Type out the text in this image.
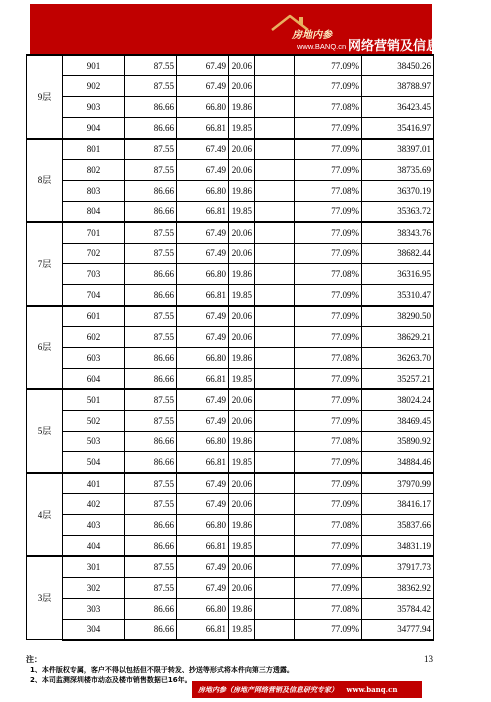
房地内参
www.BANQ.cn 网络营销及信息研究专家
9层	901	87.55	67.49	20.06		77.09%	38450.26	
	902	87.55	67.49	20.06		77.09%	38788.97	
	903	86.66	66.80	19.86		77.08%	36423.45	
	904	86.66	66.81	19.85		77.09%	35416.97	
8层	801	87.55	67.49	20.06		77.09%	38397.01	
	802	87.55	67.49	20.06		77.09%	38735.69	
	803	86.66	66.80	19.86		77.08%	36370.19	
	804	86.66	66.81	19.85		77.09%	35363.72	
7层	701	87.55	67.49	20.06		77.09%	38343.76	
	702	87.55	67.49	20.06		77.09%	38682.44	
	703	86.66	66.80	19.86		77.08%	36316.95	
	704	86.66	66.81	19.85		77.09%	35310.47	
6层	601	87.55	67.49	20.06		77.09%	38290.50	
	602	87.55	67.49	20.06		77.09%	38629.21	
	603	86.66	66.80	19.86		77.08%	36263.70	
	604	86.66	66.81	19.85		77.09%	35257.21	
5层	501	87.55	67.49	20.06		77.09%	38024.24	
	502	87.55	67.49	20.06		77.09%	38469.45	
	503	86.66	66.80	19.86		77.08%	35890.92	
	504	86.66	66.81	19.85		77.09%	34884.46	
4层	401	87.55	67.49	20.06		77.09%	37970.99	
	402	87.55	67.49	20.06		77.09%	38416.17	
	403	86.66	66.80	19.86		77.08%	35837.66	
	404	86.66	66.81	19.85		77.09%	34831.19	
3层	301	87.55	67.49	20.06		77.09%	37917.73	
	302	87.55	67.49	20.06		77.09%	38362.92	
	303	86.66	66.80	19.86		77.08%	35784.42	
	304	86.66	66.81	19.85		77.09%	34777.94	
注：
1、本件版权专属，客户不得以包括但不限于转发、抄送等形式将本件向第三方透露。
2、本司监测深圳楼市动态及楼市销售数据已16年。
13
房地内参（房地产网络营销及信息研究专家） www.banq.cn
